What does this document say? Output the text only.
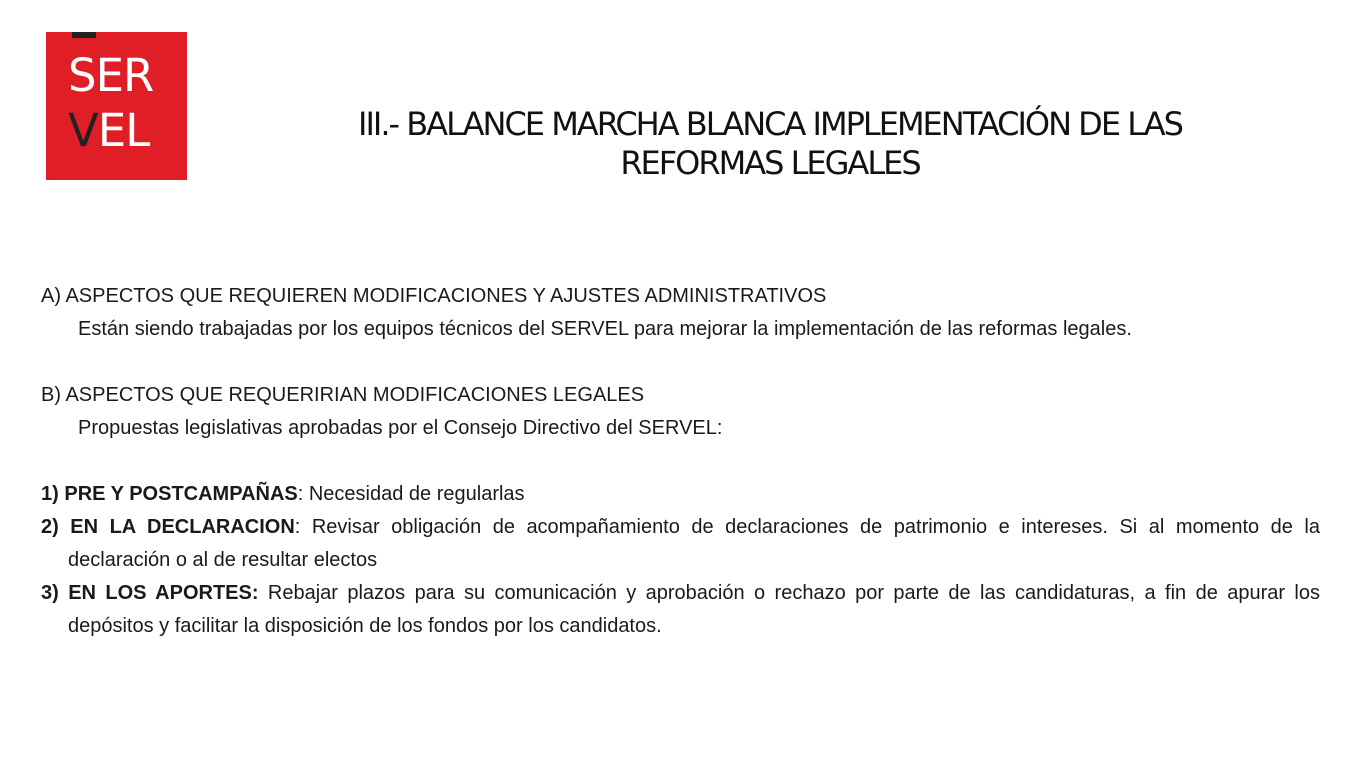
SER
VEL	III.- BALANCE MARCHA BLANCA IMPLEMENTACIÓN DE LAS
REFORMAS LEGALES

A) ASPECTOS QUE REQUIEREN MODIFICACIONES Y AJUSTES ADMINISTRATIVOS

Están siendo trabajadas por los equipos técnicos del SERVEL para mejorar la implementación de las reformas legales.

B) ASPECTOS QUE REQUERIRIAN MODIFICACIONES LEGALES

Propuestas legislativas aprobadas por el Consejo Directivo del SERVEL:

1) PRE Y POSTCAMPAÑAS: Necesidad de regularlas

2) EN LA DECLARACION: Revisar obligación de acompañamiento de declaraciones de patrimonio e intereses. Si al momento de la declaración o al de resultar electos

3) EN LOS APORTES: Rebajar plazos para su comunicación y aprobación o rechazo por parte de las candidaturas, a fin de apurar los depósitos y facilitar la disposición de los fondos por los candidatos.
